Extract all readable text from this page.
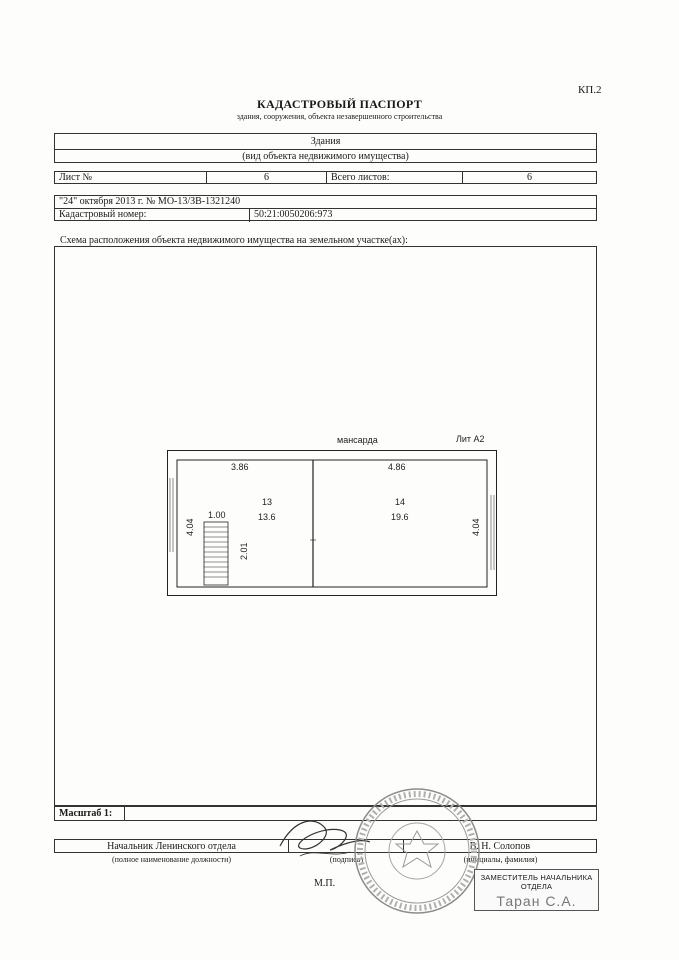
КП.2
КАДАСТРОВЫЙ ПАСПОРТ
здания, сооружения, объекта незавершенного строительства
Здания
(вид объекта недвижимого имущества)
Лист №	6	Всего листов:	6
"24" октября 2013 г. № МО-13/ЗВ-1321240
Кадастровый номер:	50:21:0050206:973
Схема расположения объекта недвижимого имущества на земельном участке(ах):
мансарда	Лит А2
3.86	4.86
13
13.6
14
19.6
1.00
4.04
2.01
4.04
Масштаб 1:
Начальник Ленинского отдела	В. Н. Солопов
(полное наименование должности)	(подпись)	(инициалы, фамилия)
М.П.
ЗАМЕСТИТЕЛЬ НАЧАЛЬНИКА ОТДЕЛА
Таран С.А.
